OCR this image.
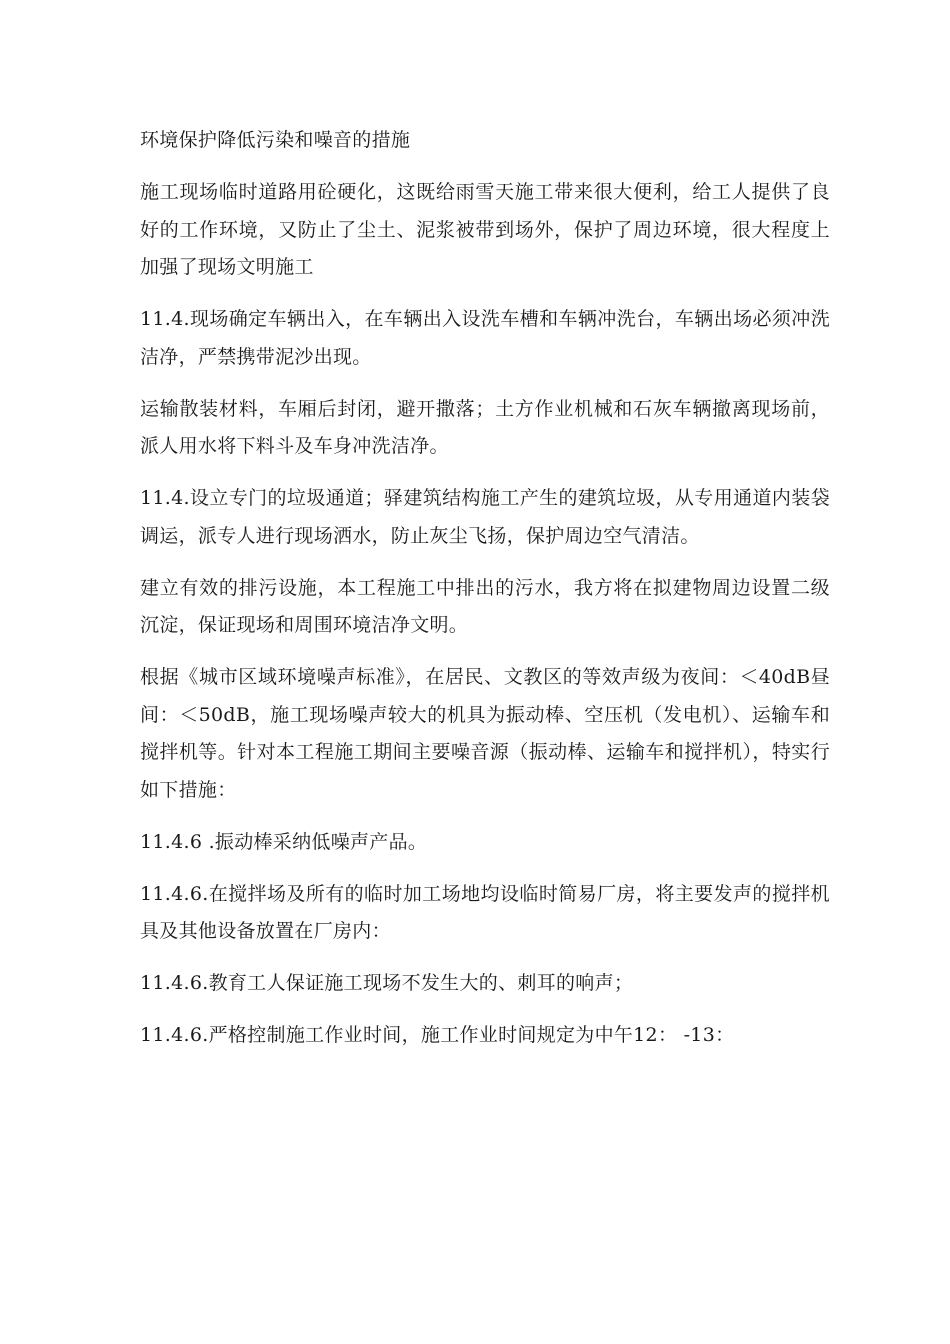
环境保护降低污染和噪音的措施

施工现场临时道路用砼硬化，这既给雨雪天施工带来很大便利，给工人提供了良好的工作环境，又防止了尘土、泥浆被带到场外，保护了周边环境，很大程度上加强了现场文明施工

11.4.现场确定车辆出入，在车辆出入设洗车槽和车辆冲洗台，车辆出场必须冲洗洁净，严禁携带泥沙出现。

运输散装材料，车厢后封闭，避开撒落；土方作业机械和石灰车辆撤离现场前，派人用水将下料斗及车身冲洗洁净。

11.4.设立专门的垃圾通道；驿建筑结构施工产生的建筑垃圾，从专用通道内装袋调运，派专人进行现场洒水，防止灰尘飞扬，保护周边空气清洁。

建立有效的排污设施，本工程施工中排出的污水，我方将在拟建物周边设置二级沉淀，保证现场和周围环境洁净文明。

根据《城市区域环境噪声标准》，在居民、文教区的等效声级为夜间：＜40dB昼间：＜50dB，施工现场噪声较大的机具为振动棒、空压机（发电机）、运输车和搅拌机等。针对本工程施工期间主要噪音源（振动棒、运输车和搅拌机），特实行如下措施：

11.4.6 .振动棒采纳低噪声产品。

11.4.6.在搅拌场及所有的临时加工场地均设临时简易厂房，将主要发声的搅拌机具及其他设备放置在厂房内：

11.4.6.教育工人保证施工现场不发生大的、刺耳的响声；

11.4.6.严格控制施工作业时间，施工作业时间规定为中午12： -13：
